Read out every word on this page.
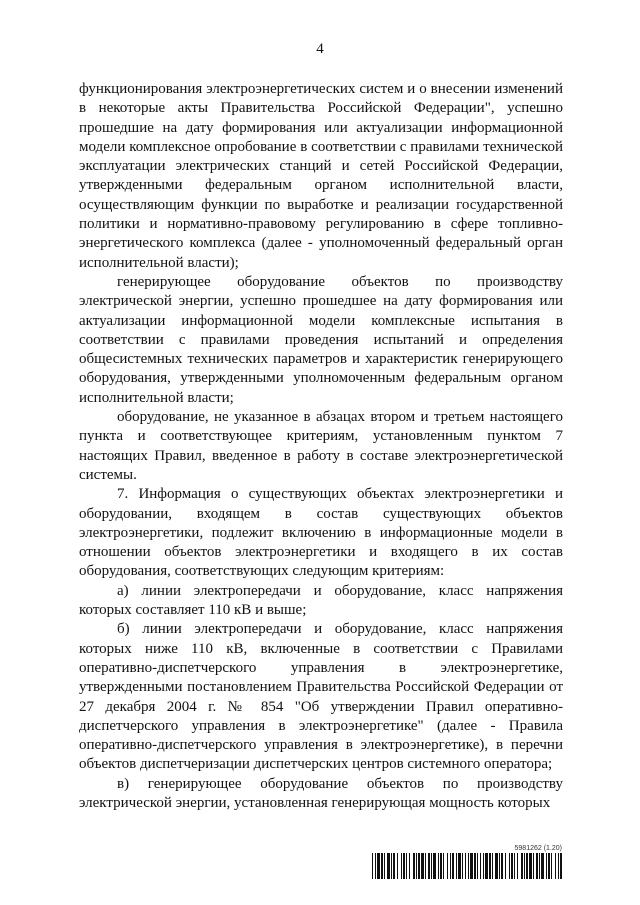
4

функционирования электроэнергетических систем и о внесении изменений в некоторые акты Правительства Российской Федерации", успешно прошедшие на дату формирования или актуализации информационной модели комплексное опробование в соответствии с правилами технической эксплуатации электрических станций и сетей Российской Федерации, утвержденными федеральным органом исполнительной власти, осуществляющим функции по выработке и реализации государственной политики и нормативно-правовому регулированию в сфере топливно-энергетического комплекса (далее - уполномоченный федеральный орган исполнительной власти);

генерирующее оборудование объектов по производству электрической энергии, успешно прошедшее на дату формирования или актуализации информационной модели комплексные испытания в соответствии с правилами проведения испытаний и определения общесистемных технических параметров и характеристик генерирующего оборудования, утвержденными уполномоченным федеральным органом исполнительной власти;

оборудование, не указанное в абзацах втором и третьем настоящего пункта и соответствующее критериям, установленным пунктом 7 настоящих Правил, введенное в работу в составе электроэнергетической системы.

7. Информация о существующих объектах электроэнергетики и оборудовании, входящем в состав существующих объектов электроэнергетики, подлежит включению в информационные модели в отношении объектов электроэнергетики и входящего в их состав оборудования, соответствующих следующим критериям:

а) линии электропередачи и оборудование, класс напряжения которых составляет 110 кВ и выше;

б) линии электропередачи и оборудование, класс напряжения которых ниже 110 кВ, включенные в соответствии с Правилами оперативно-диспетчерского управления в электроэнергетике, утвержденными постановлением Правительства Российской Федерации от 27 декабря 2004 г. № 854 "Об утверждении Правил оперативно-диспетчерского управления в электроэнергетике" (далее - Правила оперативно-диспетчерского управления в электроэнергетике), в перечни объектов диспетчеризации диспетчерских центров системного оператора;

в) генерирующее оборудование объектов по производству электрической энергии, установленная генерирующая мощность которых

5981262 (1.20)
